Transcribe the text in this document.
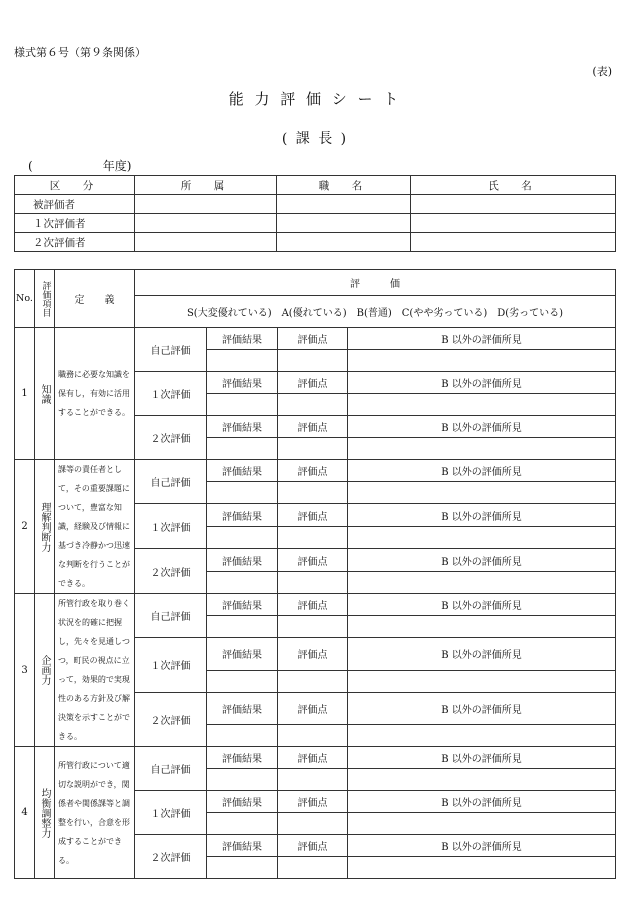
様式第６号（第９条関係）
(表)
能 力 評 価 シ ー ト
( 課 長 )
(	年度)
区　分	所　属	職　名	氏　名
被評価者			
１次評価者			
２次評価者			
No.	評価項目	定　　義	評　　　価			
			S(大変優れている)　A(優れている)　B(普通)　C(やや劣っている)　D(劣っている)			
1	知識	職務に必要な知識を保有し，有効に活用することができる。	自己評価	評価結果	評価点	B 以外の評価所見

			１次評価	評価結果	評価点	B 以外の評価所見

			２次評価	評価結果	評価点	B 以外の評価所見

2	理解判断力	課等の責任者として，その重要課題について，豊富な知識，経験及び情報に基づき冷静かつ迅速な判断を行うことができる。	自己評価	評価結果	評価点	B 以外の評価所見

			１次評価	評価結果	評価点	B 以外の評価所見

			２次評価	評価結果	評価点	B 以外の評価所見

3	企画力	所管行政を取り巻く状況を的確に把握し，先々を見通しつつ，町民の視点に立って，効果的で実現性のある方針及び解決策を示すことができる。	自己評価	評価結果	評価点	B 以外の評価所見

			１次評価	評価結果	評価点	B 以外の評価所見

			２次評価	評価結果	評価点	B 以外の評価所見

4	均衡調整力	所管行政について適切な説明ができ，関係者や関係課等と調整を行い，合意を形成することができる。	自己評価	評価結果	評価点	B 以外の評価所見

			１次評価	評価結果	評価点	B 以外の評価所見

			２次評価	評価結果	評価点	B 以外の評価所見
